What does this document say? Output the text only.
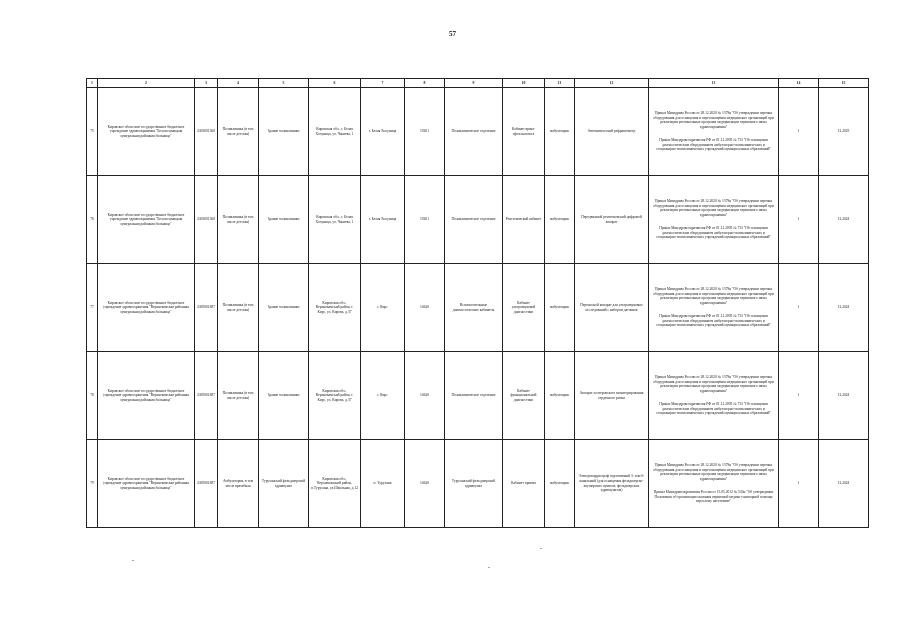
57
1	2	3	4	5	6	7	8	9	10	11	12	13	14	15
75	Кировское областное государственное бюджетное учреждение здравоохранения "Белохолуницкая центральная районная больница"	4303001360	Поликлиника (в том числе детская)	Здание поликлиники	Кировская обл., г. Белая Холуница, ул. Чапаева, 1	г. Белая Холуница	10201	Поликлиническое отделение	Кабинет врача-офтальмолога	амбулаторно	Автоматический рефрактометр	Приказ Минздрава России от 28.12.2020 № 1379н "Об утверждении перечня оборудования для оснащения и переоснащения медицинских организаций при реализации региональных программ модернизации первичного звена здравоохранения"
Приказ Минздравсоцразвития РФ от 01.12.2005 № 753 "Об оснащении диагностическим оборудованием амбулаторно-поликлинических и стационарно-поликлинических учреждений муниципальных образований"	1	12.2025
76	Кировское областное государственное бюджетное учреждение здравоохранения "Белохолуницкая центральная районная больница"	4303001360	Поликлиника (в том числе детская)	Здание поликлиники	Кировская обл., г. Белая Холуница, ул. Чапаева, 1	г. Белая Холуница	10201	Поликлиническое отделение	Рентгеновский кабинет	амбулаторно	Передвижной рентгеновский цифровой аппарат	Приказ Минздрава России от 28.12.2020 № 1379н "Об утверждении перечня оборудования для оснащения и переоснащения медицинских организаций при реализации региональных программ модернизации первичного звена здравоохранения"
Приказ Минздравсоцразвития РФ от 01.12.2005 № 753 "Об оснащении диагностическим оборудованием амбулаторно-поликлинических и стационарно-поликлинических учреждений муниципальных образований"	1	12.2024
77	Кировское областное государственное бюджетное учреждение здравоохранения "Верхнекамская районная центральная районная больница"	4305001687	Поликлиника (в том числе детская)	Здание поликлиники	Кировская обл., Верхнекамский район, г. Кирс, ул. Кирова, д.37	г. Кирс	14626	Вспомогательные диагностические кабинеты	Кабинет ультразвуковой диагностики	амбулаторно	Переносной аппарат для ультразвуковых исследований с набором датчиков	Приказ Минздрава России от 28.12.2020 № 1379н "Об утверждении перечня оборудования для оснащения и переоснащения медицинских организаций при реализации региональных программ модернизации первичного звена здравоохранения"
Приказ Минздравсоцразвития РФ от 01.12.2005 № 753 "Об оснащении диагностическим оборудованием амбулаторно-поликлинических и стационарно-поликлинических учреждений муниципальных образований"	1	12.2024
78	Кировское областное государственное бюджетное учреждение здравоохранения "Верхнекамская районная центральная районная больница"	4305001687	Поликлиника (в том числе детская)	Здание поликлиники	Кировская обл., Верхнекамский район, г. Кирс, ул. Кирова, д.37	г. Кирс	14626	Поликлиническое отделение	Кабинет функциональной диагностики	амбулаторно	Аппарат холтеровского мониторирования сердечного ритма	Приказ Минздрава России от 28.12.2020 № 1379н "Об утверждении перечня оборудования для оснащения и переоснащения медицинских организаций при реализации региональных программ модернизации первичного звена здравоохранения"
Приказ Минздравсоцразвития РФ от 01.12.2005 № 753 "Об оснащении диагностическим оборудованием амбулаторно-поликлинических и стационарно-поликлинических учреждений муниципальных образований"	1	12.2024
79	Кировское областное государственное бюджетное учреждение здравоохранения "Верхнекамская районная центральная районная больница"	4305001687	Амбулатория, в том числе врачебная	Туруханский фельдшерский здравпункт	Кировская обл., Верхнекамский район, п.Турухана, ул.Школьная, д.12	п. Турухана	14626	Туруханский фельдшерский здравпункт	Кабинет приема	амбулаторно	Электрокардиограф портативный 3- или 6-канальный (для оснащения фельдшерско-акушерских пунктов, фельдшерских здравпунктов)	Приказ Минздрава России от 28.12.2020 № 1379н "Об утверждении перечня оборудования для оснащения и переоснащения медицинских организаций при реализации региональных программ модернизации первичного звена здравоохранения"
Приказ Минздравсоцразвития России от 15.05.2012 № 543н "Об утверждении Положения об организации оказания первичной медико-санитарной помощи взрослому населению"	1	12.2024
